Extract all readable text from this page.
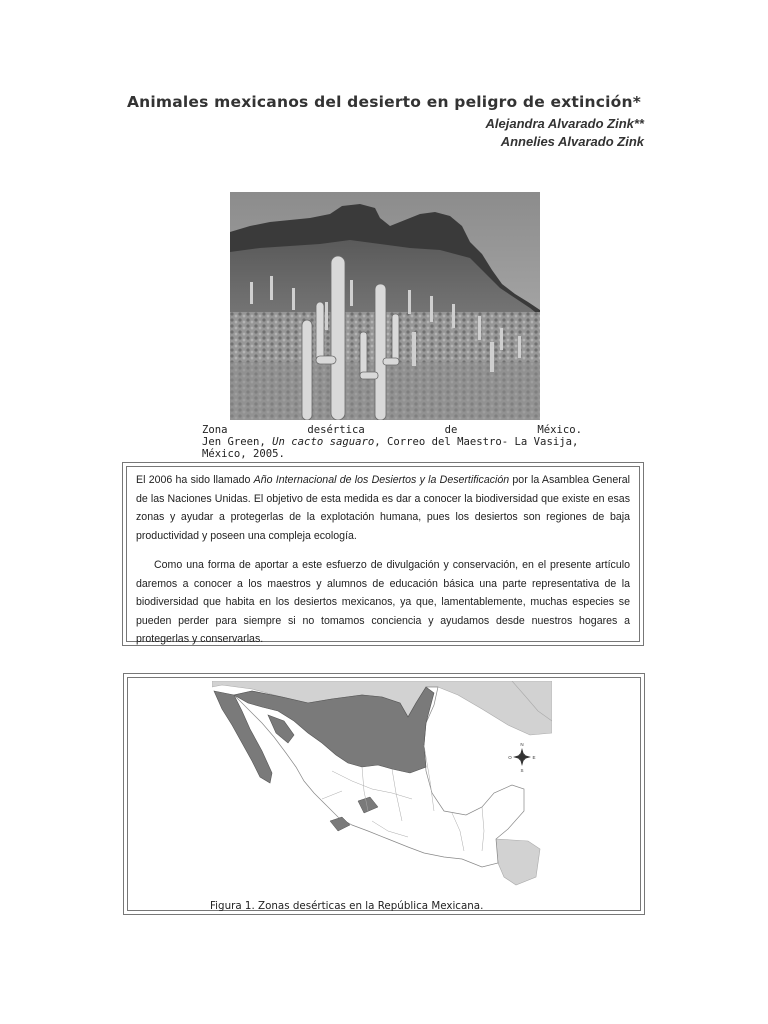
Animales mexicanos del desierto en peligro de extinción*
Alejandra Alvarado Zink**
Annelies Alvarado Zink
Zona	desértica	de	México.
Jen Green, Un cacto saguaro, Correo del Maestro- La Vasija,
México, 2005.
El 2006 ha sido llamado Año Internacional de los Desiertos y la Desertificación por la Asamblea General de las Naciones Unidas. El objetivo de esta medida es dar a conocer la biodiversidad que existe en esas zonas y ayudar a protegerlas de la explotación humana, pues los desiertos son regiones de baja productividad y poseen una compleja ecología.
Como una forma de aportar a este esfuerzo de divulgación y conservación, en el presente artículo daremos a conocer a los maestros y alumnos de educación básica una parte representativa de la biodiversidad que habita en los desiertos mexicanos, ya que, lamentablemente, muchas especies se pueden perder para siempre si no tomamos conciencia y ayudamos desde nuestros hogares a protegerlas y conservarlas.
N
S
E
O
Figura 1. Zonas desérticas en la República Mexicana.
